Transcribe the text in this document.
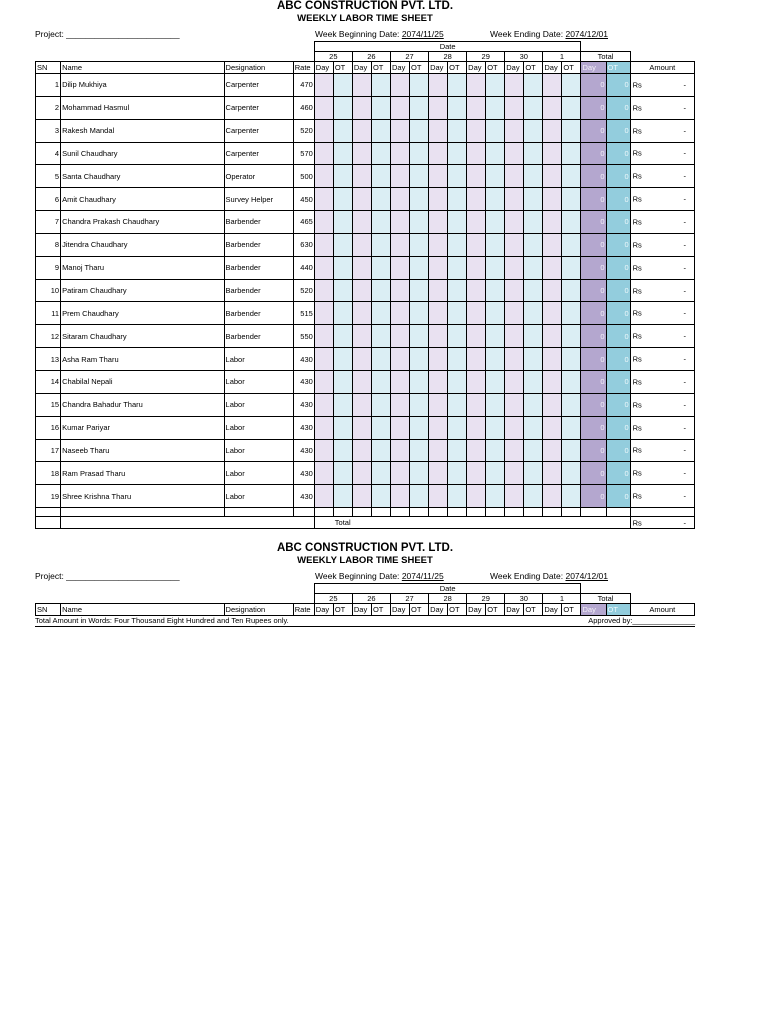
ABC CONSTRUCTION PVT. LTD.
WEEKLY LABOR TIME SHEET
Project: ________________________	Week Beginning Date: 2074/11/25	Week Ending Date: 2074/12/01
				Date																
				25		26		27		28		29		30		1		Total		
SN	Name	Designation	Rate	Day	OT	Day	OT	Day	OT	Day	OT	Day	OT	Day	OT	Day	OT	Day	OT	Amount
1	Dilip Mukhiya	Carpenter	470															0	0	Rs -

2	Mohammad Hasmul	Carpenter	460															0	0	Rs -

3	Rakesh Mandal	Carpenter	520															0	0	Rs -

4	Sunil Chaudhary	Carpenter	570															0	0	Rs -

5	Santa Chaudhary	Operator	500															0	0	Rs -

6	Amit Chaudhary	Survey Helper	450															0	0	Rs -

7	Chandra Prakash Chaudhary	Barbender	465															0	0	Rs -

8	Jitendra Chaudhary	Barbender	630															0	0	Rs -

9	Manoj Tharu	Barbender	440															0	0	Rs -

10	Patiram Chaudhary	Barbender	520															0	0	Rs -

11	Prem Chaudhary	Barbender	515															0	0	Rs -

12	Sitaram Chaudhary	Barbender	550															0	0	Rs -

13	Asha Ram Tharu	Labor	430															0	0	Rs -

14	Chabilal Nepali	Labor	430															0	0	Rs -

15	Chandra Bahadur Tharu	Labor	430															0	0	Rs -

16	Kumar Pariyar	Labor	430															0	0	Rs -

17	Naseeb Tharu	Labor	430															0	0	Rs -

18	Ram Prasad Tharu	Labor	430															0	0	Rs -

19	Shree Krishna Tharu	Labor	430															0	0	Rs -

				Total																Rs -
ABC CONSTRUCTION PVT. LTD.
WEEKLY LABOR TIME SHEET
Project: ________________________	Week Beginning Date: 2074/11/25	Week Ending Date: 2074/12/01
				Date																
				25		26		27		28		29		30		1		Total		
SN	Name	Designation	Rate	Day	OT	Day	OT	Day	OT	Day	OT	Day	OT	Day	OT	Day	OT	Day	OT	Amount
Total Amount in Words: Four Thousand Eight Hundred and Ten Rupees only.	Approved by:_______________
